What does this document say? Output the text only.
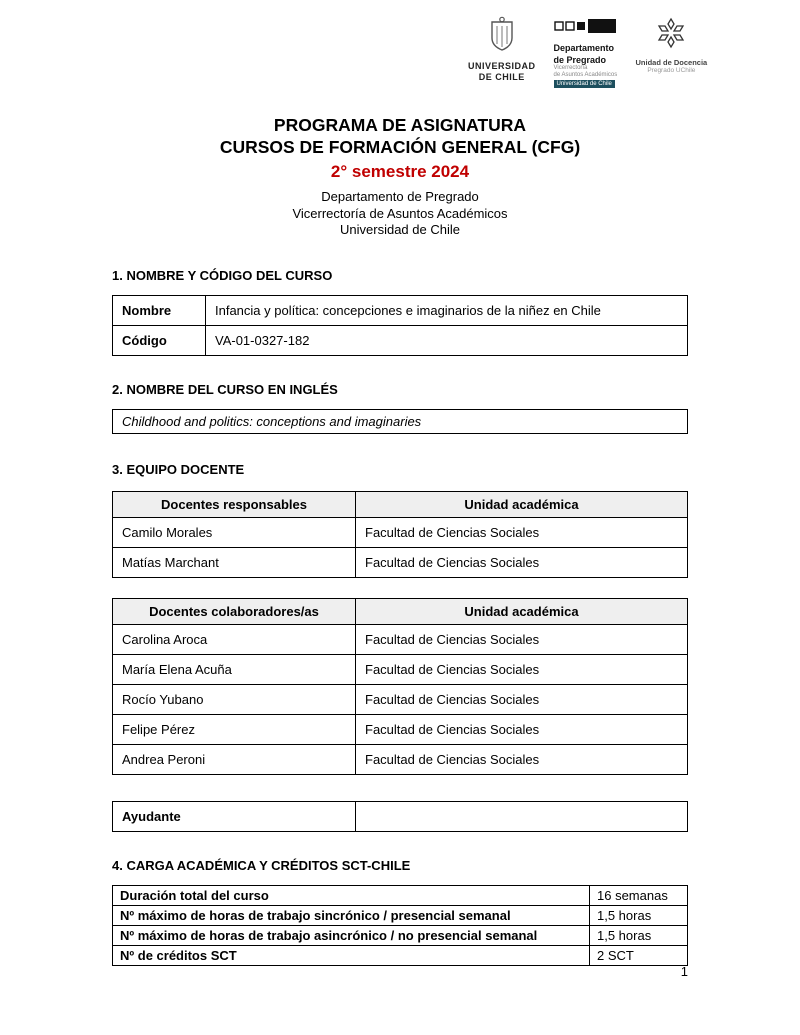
UNIVERSIDAD
DE CHILE
Departamento
de Pregrado
Vicerrectoría
de Asuntos Académicos
Universidad de Chile
Unidad de Docencia
Pregrado UChile
PROGRAMA DE ASIGNATURA
CURSOS DE FORMACIÓN GENERAL (CFG)
2° semestre 2024
Departamento de Pregrado
Vicerrectoría de Asuntos Académicos
Universidad de Chile
1. NOMBRE Y CÓDIGO DEL CURSO
Nombre	Infancia y política: concepciones e imaginarios de la niñez en Chile
Código	VA-01-0327-182
2. NOMBRE DEL CURSO EN INGLÉS
Childhood and politics: conceptions and imaginaries
3. EQUIPO DOCENTE
Docentes responsables	Unidad académica
Camilo Morales	Facultad de Ciencias Sociales
Matías Marchant	Facultad de Ciencias Sociales
Docentes colaboradores/as	Unidad académica
Carolina Aroca	Facultad de Ciencias Sociales
María Elena Acuña	Facultad de Ciencias Sociales
Rocío Yubano	Facultad de Ciencias Sociales
Felipe Pérez	Facultad de Ciencias Sociales
Andrea Peroni	Facultad de Ciencias Sociales
Ayudante	
4. CARGA ACADÉMICA Y CRÉDITOS SCT-CHILE
Duración total del curso	16 semanas
Nº máximo de horas de trabajo sincrónico / presencial semanal	1,5 horas
Nº máximo de horas de trabajo asincrónico / no presencial semanal	1,5 horas
Nº de créditos SCT	2 SCT
1
